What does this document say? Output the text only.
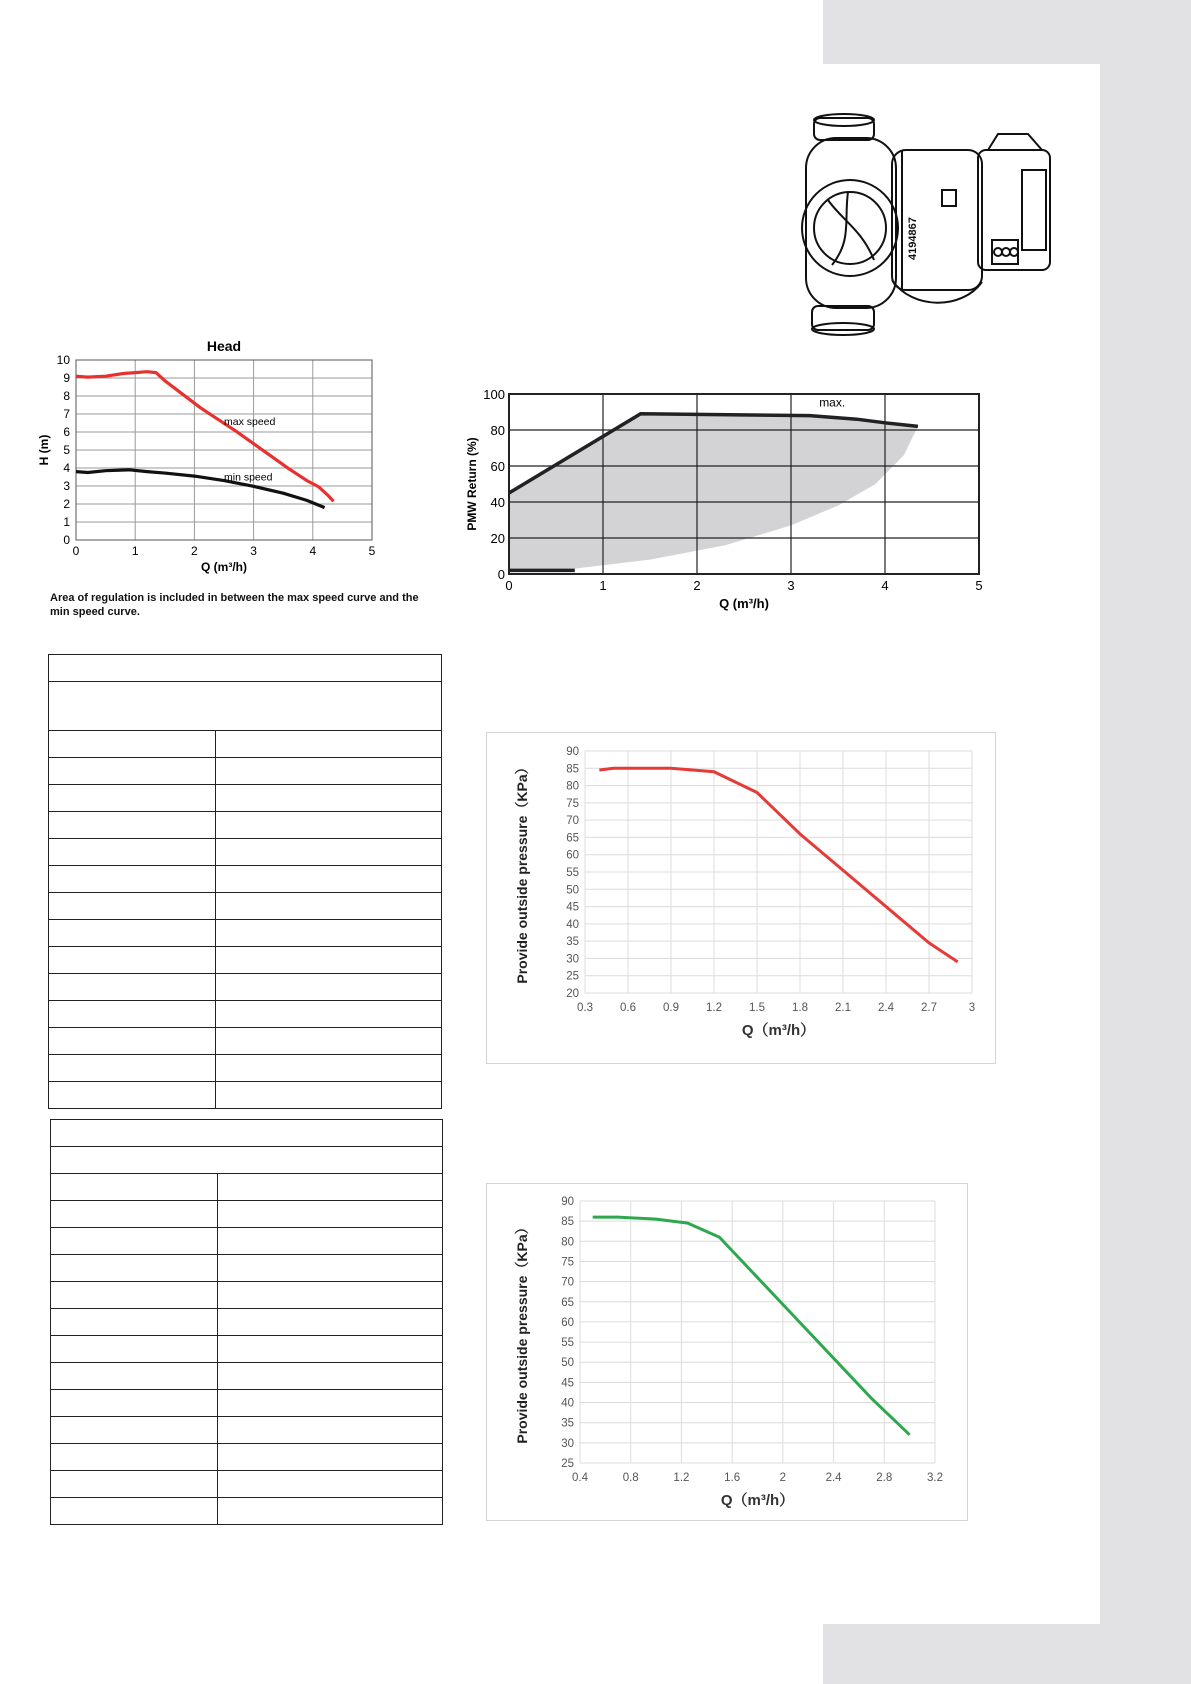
4194867
Head
0	1	2	3	4	5
0
1
2
3
4
5
6
7
8
9
10
max speed
min speed
Q (m³/h)
H (m)
Area of regulation is included in between the max speed curve and the min speed curve.
0	1	2	3	4	5
0
20
40
60
80
100
max.
Q (m³/h)
PMW Return (%)
0.3 0.6 0.9 1.2 1.5 1.8 2.1 2.4 2.7	3
20
25
30
35
40
45
50
55
60
65
70
75
80
85
90
Q（m³/h）
Provide outside pressure（KPa）
0.4	0.8	1.2	1.6	2	2.4	2.8	3.2
25
30
35
40
45
50
55
60
65
70
75
80
85
90
Q（m³/h）
Provide outside pressure（KPa）
